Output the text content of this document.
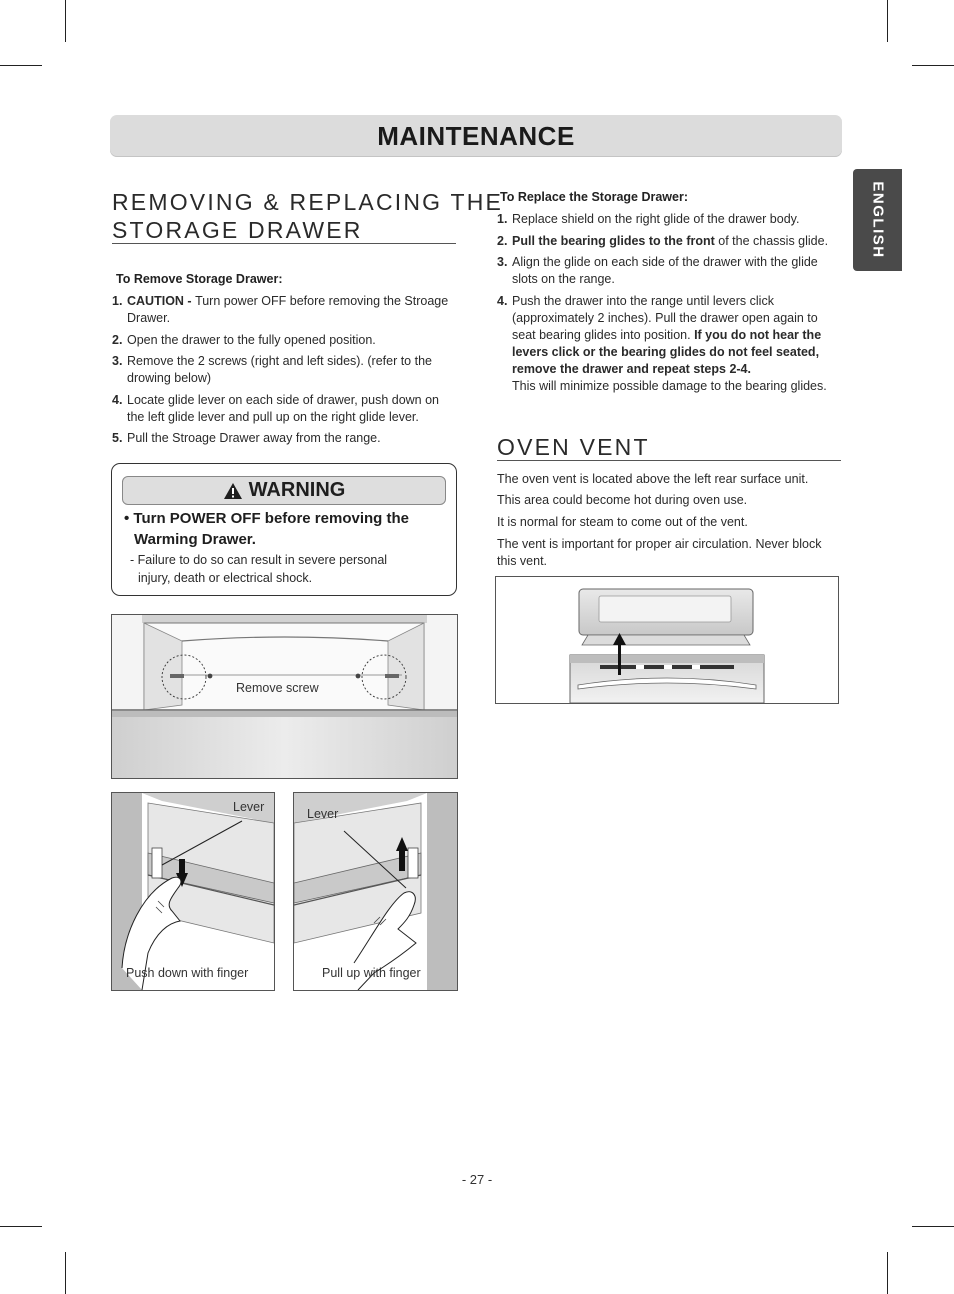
MAINTENANCE
ENGLISH
REMOVING & REPLACING THE
STORAGE DRAWER
To Remove Storage Drawer:
1. CAUTION - Turn power OFF before removing the Stroage Drawer.
2. Open the drawer to the fully opened position.
3. Remove the 2 screws (right and left sides). (refer to the drowing below)
4. Locate glide lever on each side of drawer, push down on the left glide lever and pull up on the right glide lever.
5. Pull the Stroage Drawer away from the range.
WARNING
• Turn POWER OFF before removing the
Warming Drawer.
- Failure to do so can result in severe personal
injury, death or electrical shock.
Remove screw
Lever
Push down with finger
Lever
Pull up with finger
To Replace the Storage Drawer:
1. Replace shield on the right glide of the drawer body.
2. Pull the bearing glides to the front of the chassis glide.
3. Align the glide on each side of the drawer with the glide slots on the range.
4. Push the drawer into the range until levers click (approximately 2 inches). Pull the drawer open again to seat bearing glides into position. If you do not hear the levers click or the bearing glides do not feel seated, remove the drawer and repeat steps 2-4.
This will minimize possible damage to the bearing glides.
OVEN VENT

The oven vent is located above the left rear surface unit.

This area could become hot during oven use.

It is normal for steam to come out of the vent.

The vent is important for proper air circulation. Never block this vent.

- 27 -
